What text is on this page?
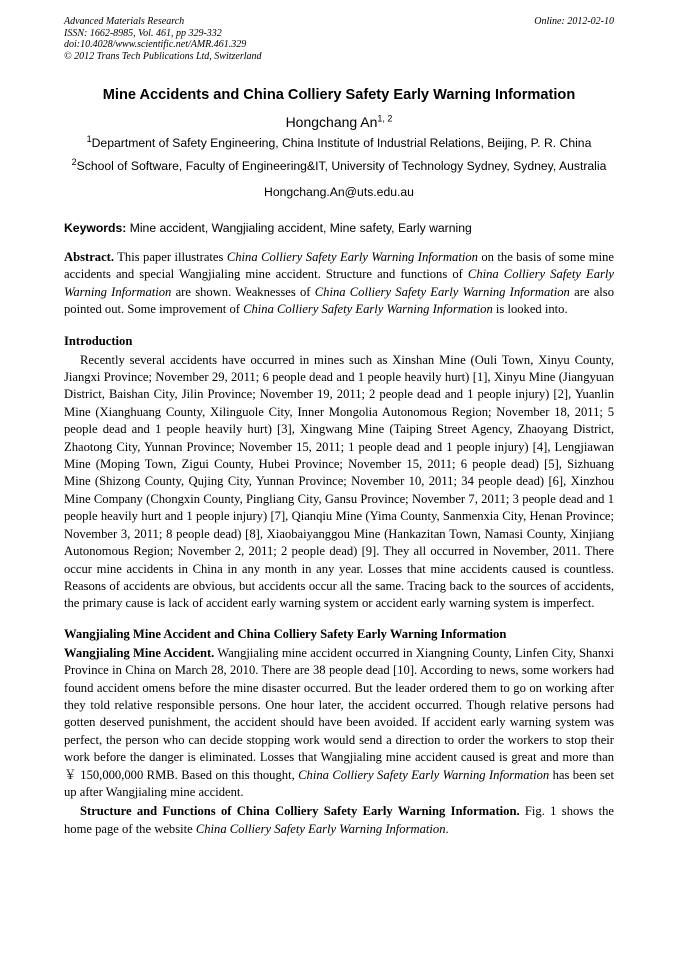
Advanced Materials Research
ISSN: 1662-8985, Vol. 461, pp 329-332
doi:10.4028/www.scientific.net/AMR.461.329
© 2012 Trans Tech Publications Ltd, Switzerland
Online: 2012-02-10
Mine Accidents and China Colliery Safety Early Warning Information
Hongchang An$^{1, 2}$
$^1$Department of Safety Engineering, China Institute of Industrial Relations, Beijing, P. R. China
$^2$School of Software, Faculty of Engineering&IT, University of Technology Sydney, Sydney, Australia
Hongchang.An@uts.edu.au
Keywords: Mine accident, Wangjialing accident, Mine safety, Early warning
Abstract. This paper illustrates China Colliery Safety Early Warning Information on the basis of some mine accidents and special Wangjialing mine accident. Structure and functions of China Colliery Safety Early Warning Information are shown. Weaknesses of China Colliery Safety Early Warning Information are also pointed out. Some improvement of China Colliery Safety Early Warning Information is looked into.
Introduction
Recently several accidents have occurred in mines such as Xinshan Mine (Ouli Town, Xinyu County, Jiangxi Province; November 29, 2011; 6 people dead and 1 people heavily hurt) [1], Xinyu Mine (Jiangyuan District, Baishan City, Jilin Province; November 19, 2011; 2 people dead and 1 people injury) [2], Yuanlin Mine (Xianghuang County, Xilinguole City, Inner Mongolia Autonomous Region; November 18, 2011; 5 people dead and 1 people heavily hurt) [3], Xingwang Mine (Taiping Street Agency, Zhaoyang District, Zhaotong City, Yunnan Province; November 15, 2011; 1 people dead and 1 people injury) [4], Lengjiawan Mine (Moping Town, Zigui County, Hubei Province; November 15, 2011; 6 people dead) [5], Sizhuang Mine (Shizong County, Qujing City, Yunnan Province; November 10, 2011; 34 people dead) [6], Xinzhou Mine Company (Chongxin County, Pingliang City, Gansu Province; November 7, 2011; 3 people dead and 1 people heavily hurt and 1 people injury) [7], Qianqiu Mine (Yima County, Sanmenxia City, Henan Province; November 3, 2011; 8 people dead) [8], Xiaobaiyanggou Mine (Hankazitan Town, Namasi County, Xinjiang Autonomous Region; November 2, 2011; 2 people dead) [9]. They all occurred in November, 2011. There occur mine accidents in China in any month in any year. Losses that mine accidents caused is countless. Reasons of accidents are obvious, but accidents occur all the same. Tracing back to the sources of accidents, the primary cause is lack of accident early warning system or accident early warning system is imperfect.
Wangjialing Mine Accident and China Colliery Safety Early Warning Information
Wangjialing Mine Accident. Wangjialing mine accident occurred in Xiangning County, Linfen City, Shanxi Province in China on March 28, 2010. There are 38 people dead [10]. According to news, some workers had found accident omens before the mine disaster occurred. But the leader ordered them to go on working after they told relative responsible persons. One hour later, the accident occurred. Though relative persons had gotten deserved punishment, the accident should have been avoided. If accident early warning system was perfect, the person who can decide stopping work would send a direction to order the workers to stop their work before the danger is eliminated. Losses that Wangjialing mine accident caused is great and more than ￥ 150,000,000 RMB. Based on this thought, China Colliery Safety Early Warning Information has been set up after Wangjialing mine accident.
Structure and Functions of China Colliery Safety Early Warning Information. Fig. 1 shows the home page of the website China Colliery Safety Early Warning Information.
